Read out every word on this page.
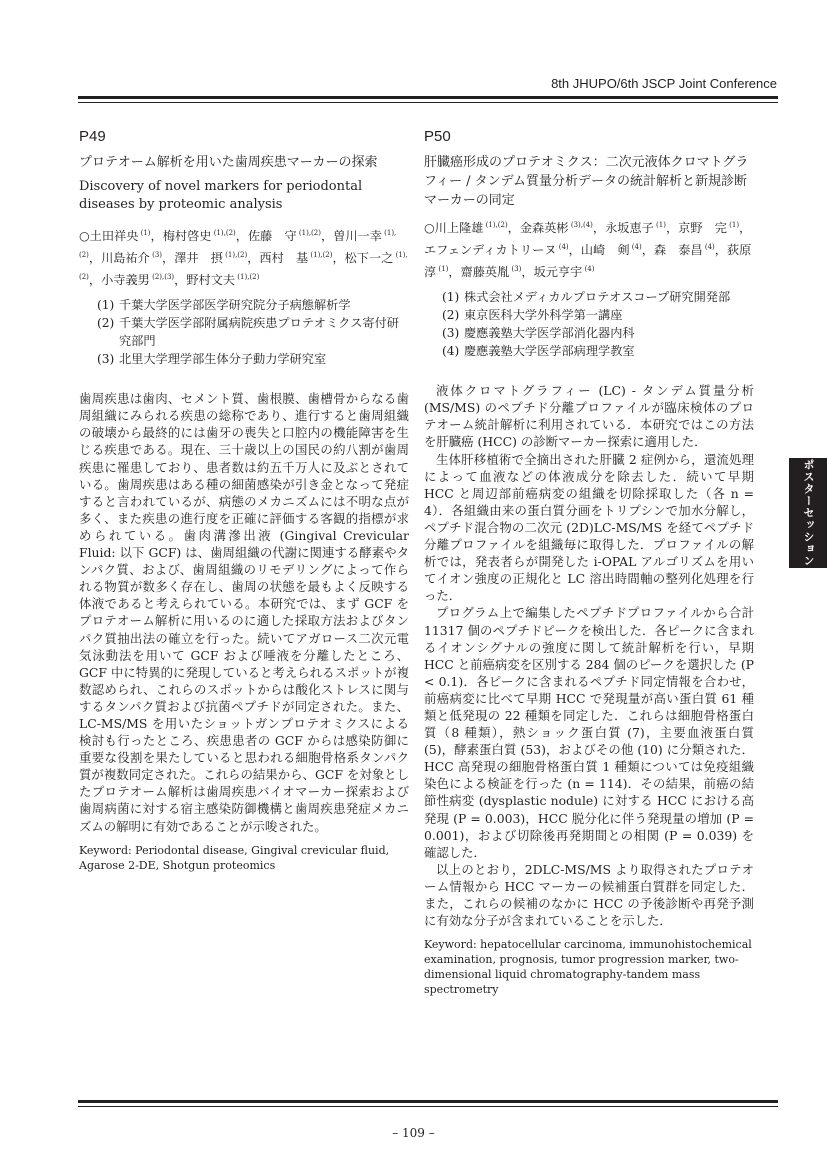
8th JHUPO/6th JSCP Joint Conference
P49
プロテオーム解析を用いた歯周疾患マーカーの探索
Discovery of novel markers for periodontal diseases by proteomic analysis
○土田祥央 $^{(1)}$，梅村啓史 $^{(1),(2)}$，佐藤　守 $^{(1),(2)}$，曽川一幸 $^{(1),(2)}$，川島祐介 $^{(3)}$，澤井　摂 $^{(1),(2)}$，西村　基 $^{(1),(2)}$，松下一之 $^{(1),(2)}$，小寺義男 $^{(2),(3)}$，野村文夫 $^{(1),(2)}$
(1) 千葉大学医学部医学研究院分子病態解析学
(2) 千葉大学医学部附属病院疾患プロテオミクス寄付研究部門
(3) 北里大学理学部生体分子動力学研究室

歯周疾患は歯肉、セメント質、歯根膜、歯槽骨からなる歯周組織にみられる疾患の総称であり、進行すると歯周組織の破壊から最終的には歯牙の喪失と口腔内の機能障害を生じる疾患である。現在、三十歳以上の国民の約八割が歯周疾患に罹患しており、患者数は約五千万人に及ぶとされている。歯周疾患はある種の細菌感染が引き金となって発症すると言われているが、病態のメカニズムには不明な点が多く、また疾患の進行度を正確に評価する客観的指標が求められている。歯肉溝滲出液 (Gingival Crevicular Fluid: 以下 GCF) は、歯周組織の代謝に関連する酵素やタンパク質、および、歯周組織のリモデリングによって作られる物質が数多く存在し、歯周の状態を最もよく反映する体液であると考えられている。本研究では、まず GCF をプロテオーム解析に用いるのに適した採取方法およびタンパク質抽出法の確立を行った。続いてアガロース二次元電気泳動法を用いて GCF および唾液を分離したところ、GCF 中に特異的に発現していると考えられるスポットが複数認められ、これらのスポットからは酸化ストレスに関与するタンパク質および抗菌ペプチドが同定された。また、LC-MS/MS を用いたショットガンプロテオミクスによる検討も行ったところ、疾患患者の GCF からは感染防御に重要な役割を果たしていると思われる細胞骨格系タンパク質が複数同定された。これらの結果から、GCF を対象としたプロテオーム解析は歯周疾患バイオマーカー探索および歯周病菌に対する宿主感染防御機構と歯周疾患発症メカニズムの解明に有効であることが示唆された。

Keyword: Periodontal disease, Gingival crevicular fluid, Agarose 2-DE, Shotgun proteomics
P50
肝臓癌形成のプロテオミクス：二次元液体クロマトグラフィー / タンデム質量分析データの統計解析と新規診断マーカーの同定
○川上隆雄 $^{(1),(2)}$，金森英彬 $^{(3),(4)}$，永坂恵子 $^{(1)}$，京野　完 $^{(1)}$，エフェンディカトリーヌ $^{(4)}$，山崎　剣 $^{(4)}$，森　泰昌 $^{(4)}$，荻原　淳 $^{(1)}$，齋藤英胤 $^{(3)}$，坂元亨宇 $^{(4)}$
(1) 株式会社メディカルプロテオスコープ研究開発部
(2) 東京医科大学外科学第一講座
(3) 慶應義塾大学医学部消化器内科
(4) 慶應義塾大学医学部病理学教室

液体クロマトグラフィー (LC) - タンデム質量分析 (MS/MS) のペプチド分離プロファイルが臨床検体のプロテオーム統計解析に利用されている．本研究ではこの方法を肝臓癌 (HCC) の診断マーカー探索に適用した．

生体肝移植術で全摘出された肝臓 2 症例から，還流処理によって血液などの体液成分を除去した．続いて早期 HCC と周辺部前癌病変の組織を切除採取した（各 n = 4）．各組織由来の蛋白質分画をトリプシンで加水分解し，ペプチド混合物の二次元 (2D)LC-MS/MS を経てペプチド分離プロファイルを組織毎に取得した．プロファイルの解析では，発表者らが開発した i-OPAL アルゴリズムを用いてイオン強度の正規化と LC 溶出時間軸の整列化処理を行った．

プログラム上で編集したペプチドプロファイルから合計 11317 個のペプチドピークを検出した．各ピークに含まれるイオンシグナルの強度に関して統計解析を行い，早期 HCC と前癌病変を区別する 284 個のピークを選択した (P < 0.1)．各ピークに含まれるペプチド同定情報を合わせ，前癌病変に比べて早期 HCC で発現量が高い蛋白質 61 種類と低発現の 22 種類を同定した．これらは細胞骨格蛋白質（8 種類），熱ショック蛋白質 (7)，主要血液蛋白質 (5)，酵素蛋白質 (53)，およびその他 (10) に分類された．HCC 高発現の細胞骨格蛋白質 1 種類については免疫組織染色による検証を行った (n = 114)．その結果，前癌の結節性病変 (dysplastic nodule) に対する HCC における高発現 (P = 0.003)，HCC 脱分化に伴う発現量の増加 (P = 0.001)，および切除後再発期間との相関 (P = 0.039) を確認した．

以上のとおり，2DLC-MS/MS より取得されたプロテオーム情報から HCC マーカーの候補蛋白質群を同定した．また，これらの候補のなかに HCC の予後診断や再発予測に有効な分子が含まれていることを示した．

Keyword: hepatocellular carcinoma, immunohistochemical examination, prognosis, tumor progression marker, two-dimensional liquid chromatography-tandem mass spectrometry
ポスターセッション
– 109 –
